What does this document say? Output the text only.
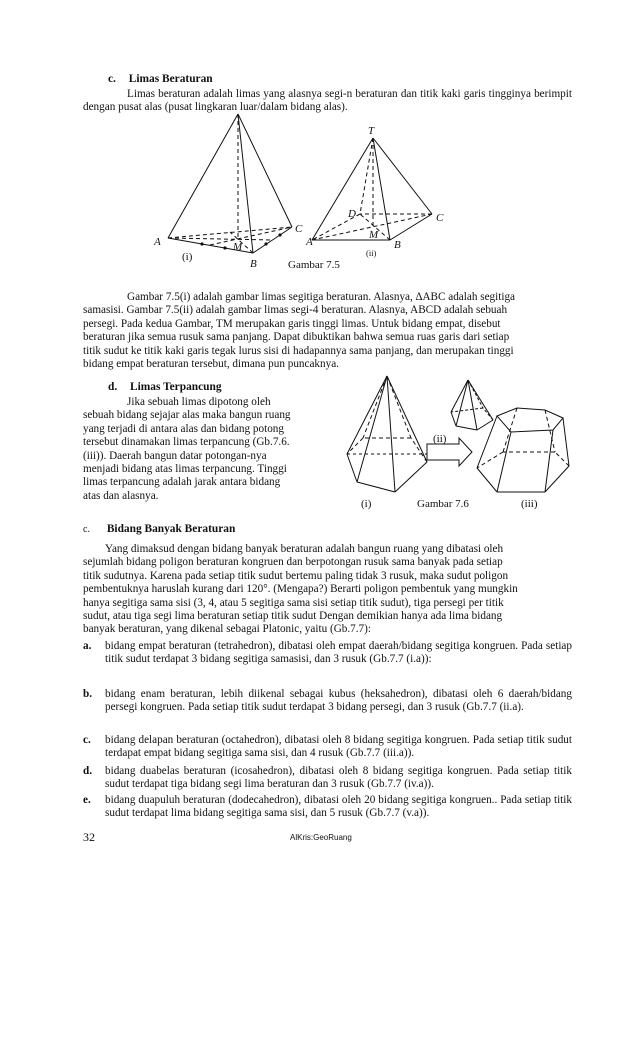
c. Limas Beraturan
Limas beraturan adalah limas yang alasnya segi-n beraturan dan titik kaki garis tingginya berimpit dengan pusat alas (pusat lingkaran luar/dalam bidang alas).
A
B
C
M
(i)
T
A	B
C
D
M
(ii)
Gambar 7.5
Gambar 7.5(i) adalah gambar limas segitiga beraturan. Alasnya, ∆ABC adalah segitiga
samasisi. Gambar 7.5(ii) adalah gambar limas segi-4 beraturan. Alasnya, ABCD adalah sebuah
persegi. Pada kedua Gambar, TM merupakan garis tinggi limas. Untuk bidang empat, disebut
beraturan jika semua rusuk sama panjang. Dapat dibuktikan bahwa semua ruas garis dari setiap
titik sudut ke titik kaki garis tegak lurus sisi di hadapannya sama panjang, dan merupakan tinggi
bidang empat beraturan tersebut, dimana pun puncaknya.
d. Limas Terpancung
Jika sebuah limas dipotong oleh
sebuah bidang sejajar alas maka bangun ruang
yang terjadi di antara alas dan bidang potong
tersebut dinamakan limas terpancung (Gb.7.6.
(iii)). Daerah bangun datar potongan-nya
menjadi bidang atas limas terpancung. Tinggi
limas terpancung adalah jarak antara bidang
atas dan alasnya.
(ii)
(i)	Gambar 7.6	(iii)
c. Bidang Banyak Beraturan
Yang dimaksud dengan bidang banyak beraturan adalah bangun ruang yang dibatasi oleh
sejumlah bidang poligon beraturan kongruen dan berpotongan rusuk sama banyak pada setiap
titik sudutnya. Karena pada setiap titik sudut bertemu paling tidak 3 rusuk, maka sudut poligon
pembentuknya haruslah kurang dari 120°. (Mengapa?) Berarti poligon pembentuk yang mungkin
hanya segitiga sama sisi (3, 4, atau 5 segitiga sama sisi setiap titik sudut), tiga persegi per titik
sudut, atau tiga segi lima beraturan setiap titik sudut Dengan demikian hanya ada lima bidang
banyak beraturan, yang dikenal sebagai Platonic, yaitu (Gb.7.7):
a. bidang empat beraturan (tetrahedron), dibatasi oleh empat daerah/bidang segitiga kongruen. Pada setiap titik sudut terdapat 3 bidang segitiga samasisi, dan 3 rusuk (Gb.7.7 (i.a)):
b. bidang enam beraturan, lebih diikenal sebagai kubus (heksahedron), dibatasi oleh 6 daerah/bidang persegi kongruen. Pada setiap titik sudut terdapat 3 bidang persegi, dan 3 rusuk (Gb.7.7 (ii.a).
c. bidang delapan beraturan (octahedron), dibatasi oleh 8 bidang segitiga kongruen. Pada setiap titik sudut terdapat empat bidang segitiga sama sisi, dan 4 rusuk (Gb.7.7 (iii.a)).
d. bidang duabelas beraturan (icosahedron), dibatasi oleh 8 bidang segitiga kongruen. Pada setiap titik sudut terdapat tiga bidang segi lima beraturan dan 3 rusuk (Gb.7.7 (iv.a)).
e. bidang duapuluh beraturan (dodecahedron), dibatasi oleh 20 bidang segitiga kongruen.. Pada setiap titik sudut terdapat lima bidang segitiga sama sisi, dan 5 rusuk (Gb.7.7 (v.a)).
32	AlKris:GeoRuang
